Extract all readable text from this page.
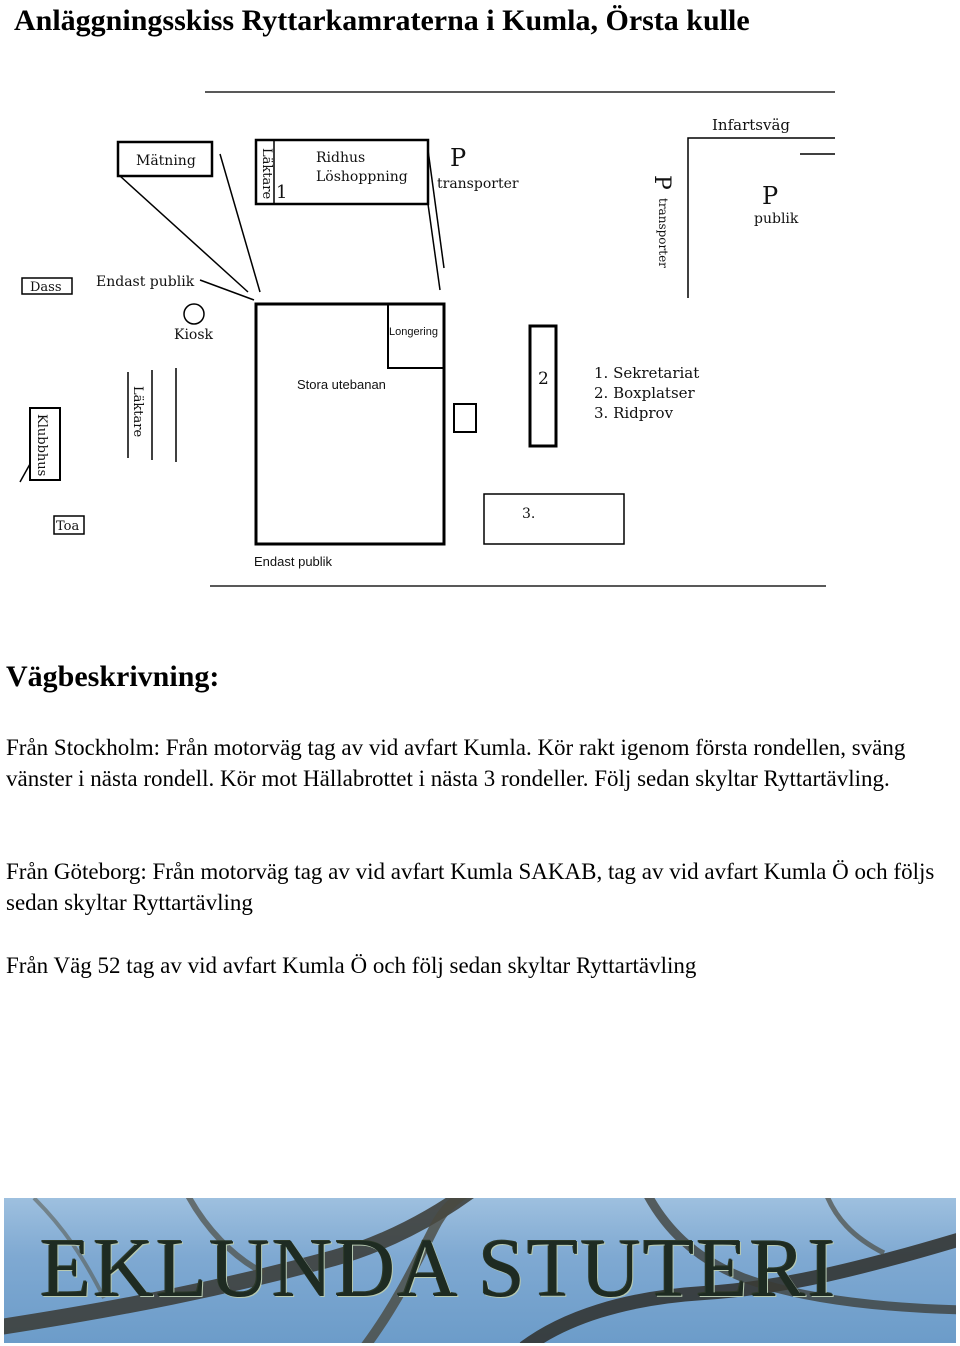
Anläggningsskiss Ryttarkamraterna i Kumla, Örsta kulle
Mätning	Läktare 1
Ridhus
Löshoppning
P
transporter
Infartsväg
P
transporter
P
publik
Dass Endast publik
Kiosk
Stora utebanan
Longering
Läktare
Klubbhus
Toa
2	1. Sekretariat
2. Boxplatser
3. Ridprov
3.
Endast publik
Vägbeskrivning:
Från Stockholm: Från motorväg tag av vid avfart Kumla. Kör rakt igenom första rondellen, sväng vänster i nästa rondell. Kör mot Hällabrottet i nästa 3 rondeller. Följ sedan skyltar Ryttartävling.
Från Göteborg: Från motorväg tag av vid avfart Kumla SAKAB, tag av vid avfart Kumla Ö och följs sedan skyltar Ryttartävling
Från Väg 52 tag av vid avfart Kumla Ö och följ sedan skyltar Ryttartävling
EKLUNDA STUTERI
